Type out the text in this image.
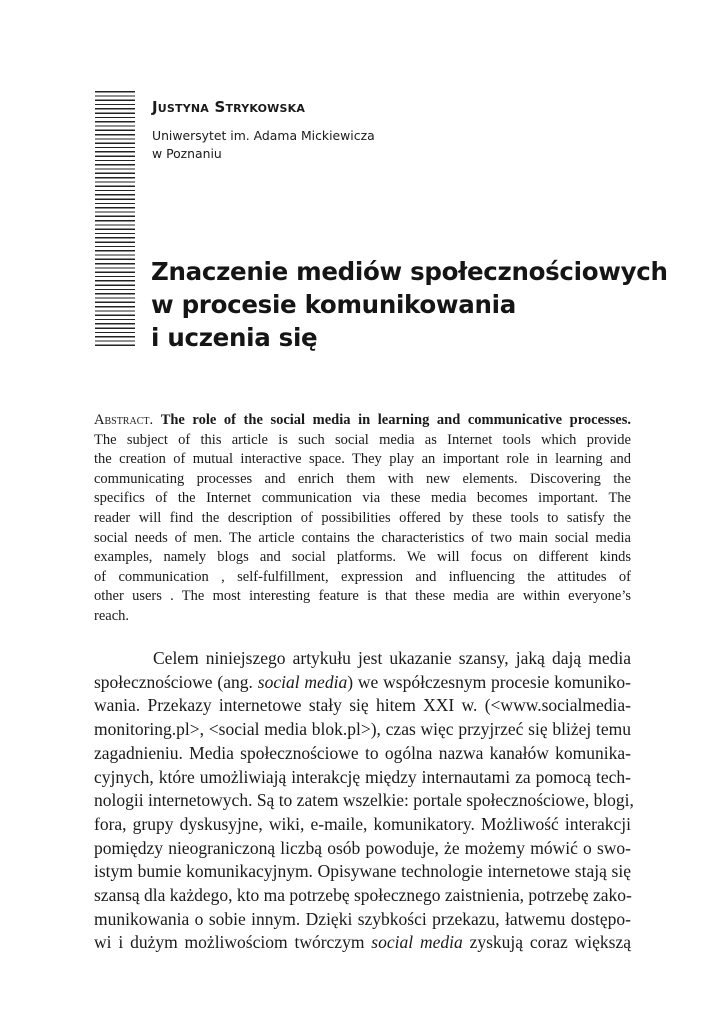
Justyna Strykowska

Uniwersytet im. Adama Mickiewicza
w Poznaniu

Znaczenie mediów społecznościowych
w procesie komunikowania
i uczenia się
Abstract. The role of the social media in learning and communicative processes.
The subject of this article is such social media as Internet tools which provide
the creation of mutual interactive space. They play an important role in learning and
communicating processes and enrich them with new elements. Discovering the
specifics of the Internet communication via these media becomes important. The
reader will find the description of possibilities offered by these tools to satisfy the
social needs of men. The article contains the characteristics of two main social media
examples, namely blogs and social platforms. We will focus on different kinds
of communication , self-fulfillment, expression and influencing the attitudes of
other users . The most interesting feature is that these media are within everyone’s
reach.
Celem niniejszego artykułu jest ukazanie szansy, jaką dają media
społecznościowe (ang. social media) we współczesnym procesie komuniko-
wania. Przekazy internetowe stały się hitem XXI w. (<www.socialmedia-
monitoring.pl>, <social media blok.pl>), czas więc przyjrzeć się bliżej temu
zagadnieniu. Media społecznościowe to ogólna nazwa kanałów komunika-
cyjnych, które umożliwiają interakcję między internautami za pomocą tech-
nologii internetowych. Są to zatem wszelkie: portale społecznościowe, blogi,
fora, grupy dyskusyjne, wiki, e-maile, komunikatory. Możliwość interakcji
pomiędzy nieograniczoną liczbą osób powoduje, że możemy mówić o swo-
istym bumie komunikacyjnym. Opisywane technologie internetowe stają się
szansą dla każdego, kto ma potrzebę społecznego zaistnienia, potrzebę zako-
munikowania o sobie innym. Dzięki szybkości przekazu, łatwemu dostępo-
wi i dużym możliwościom twórczym social media zyskują coraz większą
